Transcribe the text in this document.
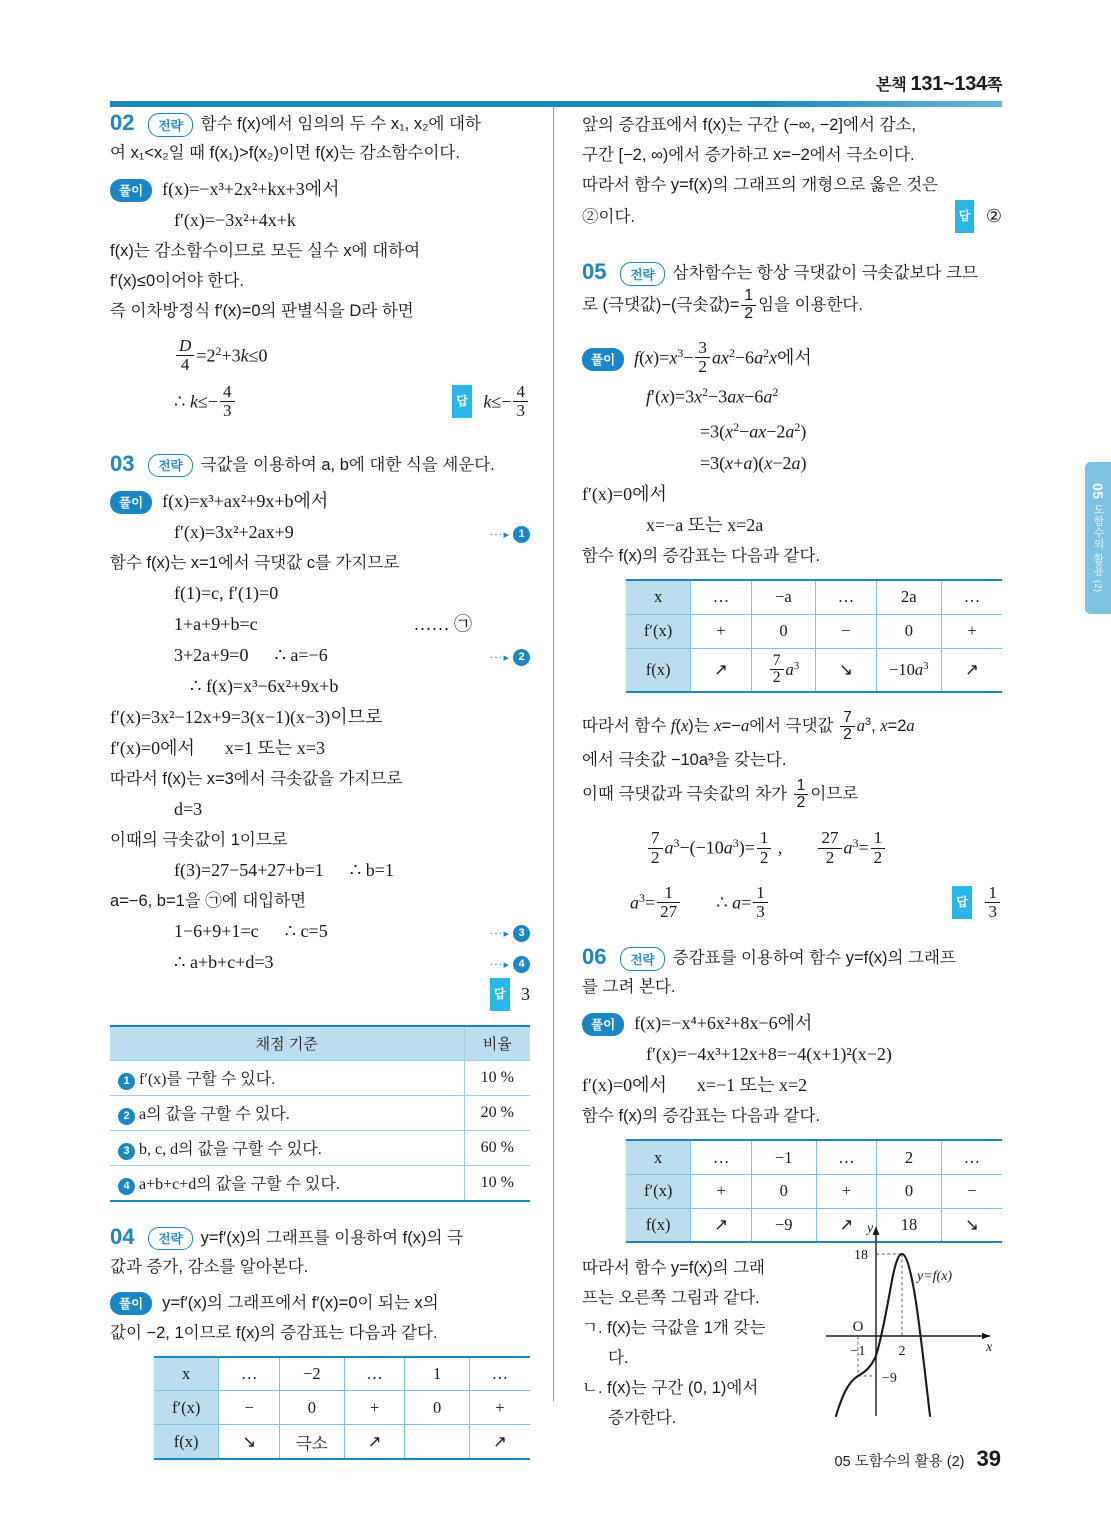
본책 131~134쪽
05
도함수의 활용
(2)
02	전략	함수 f(x)에서 임의의 두 수 x₁, x₂에 대하
여 x₁<x₂일 때 f(x₁)>f(x₂)이면 f(x)는 감소함수이다.
풀이	f(x)=−x³+2x²+kx+3에서
f′(x)=−3x²+4x+k
f(x)는 감소함수이므로 모든 실수 x에 대하여
f′(x)≤0이어야 한다.
즉 이차방정식 f′(x)=0의 판별식을 D라 하면
$\frac{D}{4} =2^2+3k\le 0$
∴ $k\le- \frac{4}{3}$	답 $k\le- \frac{4}{3}$
03	전략	극값을 이용하여 a, b에 대한 식을 세운다.
풀이	f(x)=x³+ax²+9x+b에서
f′(x)=3x²+2ax+9	···▸ 1
함수 f(x)는 x=1에서 극댓값 c를 가지므로
f(1)=c, f′(1)=0
1+a+9+b=c	…… ㉠
3+2a+9=0	∴ a=−6	···▸ 2
∴ f(x)=x³−6x²+9x+b
f′(x)=3x²−12x+9=3(x−1)(x−3)이므로
f′(x)=0에서	x=1 또는 x=3
따라서 f(x)는 x=3에서 극솟값을 가지므로
d=3
이때의 극솟값이 1이므로
f(3)=27−54+27+b=1	∴ b=1
a=−6, b=1을 ㉠에 대입하면
1−6+9+1=c	∴ c=5	···▸ 3
∴ a+b+c+d=3	···▸ 4
답 3
채점 기준	비율
1 f′(x)를 구할 수 있다.	10 %
2 a의 값을 구할 수 있다.	20 %
3 b, c, d의 값을 구할 수 있다.	60 %
4 a+b+c+d의 값을 구할 수 있다.	10 %
04	전략	y=f′(x)의 그래프를 이용하여 f(x)의 극
값과 증가, 감소를 알아본다.
풀이	y=f′(x)의 그래프에서 f′(x)=0이 되는 x의
값이 −2, 1이므로 f(x)의 증감표는 다음과 같다.
x	…	−2	…	1	…
f′(x)	−	0	+	0	+
f(x)	↘	극소	↗		↗
앞의 증감표에서 f(x)는 구간 (−∞, −2]에서 감소,
구간 [−2, ∞)에서 증가하고 x=−2에서 극소이다.
따라서 함수 y=f(x)의 그래프의 개형으로 옳은 것은
②이다.	답 ②
05	전략	삼차함수는 항상 극댓값이 극솟값보다 크므
로 (극댓값)−(극솟값)= $\frac{1}{2}$ 임을 이용한다.
풀이	$f(x)=x^3- \frac{3}{2} ax^2-6a^2x$에서
$f'(x)=3x^2-3ax-6a^2$
$=3(x^2-ax-2a^2)$
=3(x+a)(x−2a)
f′(x)=0에서
x=−a 또는 x=2a
함수 f(x)의 증감표는 다음과 같다.
x	…	−a	…	2a	…
f′(x)	+	0	−	0	+
f(x)	↗	$\frac{7}{2} a^3$	↘	$-10a^3$	↗
따라서 함수 f(x)는 x=−a에서 극댓값 $\frac{7}{2} a^3$, x=2a
에서 극솟값 −10a³을 갖는다.
이때 극댓값과 극솟값의 차가 $\frac{1}{2}$ 이므로
$\frac{7}{2} a^3-(-10a^3)= \frac{1}{2}$ , $\frac{27}{2} a^3= \frac{1}{2}$
$a^3= \frac{1}{27}$	∴ $a= \frac{1}{3}$	답 $\frac{1}{3}$
06	전략	증감표를 이용하여 함수 y=f(x)의 그래프
를 그려 본다.
풀이	f(x)=−x⁴+6x²+8x−6에서
f′(x)=−4x³+12x+8=−4(x+1)²(x−2)
f′(x)=0에서	x=−1 또는 x=2
함수 f(x)의 증감표는 다음과 같다.
x	…	−1	…	2	…
f′(x)	+	0	+	0	−
f(x)	↗	−9	↗	18	↘
따라서 함수 y=f(x)의 그래
프는 오른쪽 그림과 같다.
ㄱ. f(x)는 극값을 1개 갖는
다.
ㄴ. f(x)는 구간 (0, 1)에서
증가한다.
y
x
O
18
−9
−1 2
y=f(x)
05 도함수의 활용 (2) 39
